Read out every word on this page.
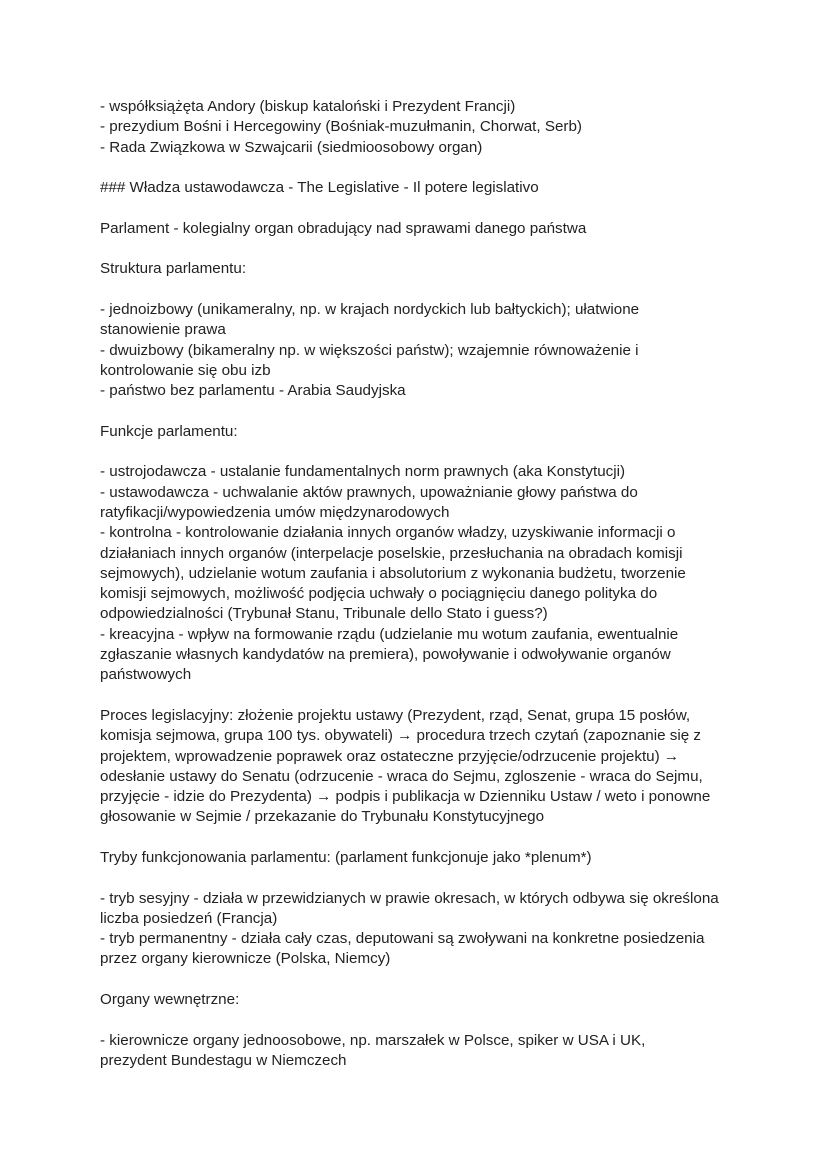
- współksiążęta Andory (biskup kataloński i Prezydent Francji)
- prezydium Bośni i Hercegowiny (Bośniak-muzułmanin, Chorwat, Serb)
- Rada Związkowa w Szwajcarii (siedmioosobowy organ)
### Władza ustawodawcza - The Legislative - Il potere legislativo
Parlament - kolegialny organ obradujący nad sprawami danego państwa
Struktura parlamentu:
- jednoizbowy (unikameralny, np. w krajach nordyckich lub bałtyckich); ułatwione
stanowienie prawa
- dwuizbowy (bikameralny np. w większości państw); wzajemnie równoważenie i
kontrolowanie się obu izb
- państwo bez parlamentu - Arabia Saudyjska
Funkcje parlamentu:
- ustrojodawcza - ustalanie fundamentalnych norm prawnych (aka Konstytucji)
- ustawodawcza - uchwalanie aktów prawnych, upoważnianie głowy państwa do
ratyfikacji/wypowiedzenia umów międzynarodowych
- kontrolna - kontrolowanie działania innych organów władzy, uzyskiwanie informacji o
działaniach innych organów (interpelacje poselskie, przesłuchania na obradach komisji
sejmowych), udzielanie wotum zaufania i absolutorium z wykonania budżetu, tworzenie
komisji sejmowych, możliwość podjęcia uchwały o pociągnięciu danego polityka do
odpowiedzialności (Trybunał Stanu, Tribunale dello Stato i guess?)
- kreacyjna - wpływ na formowanie rządu (udzielanie mu wotum zaufania, ewentualnie
zgłaszanie własnych kandydatów na premiera), powoływanie i odwoływanie organów
państwowych
Proces legislacyjny: złożenie projektu ustawy (Prezydent, rząd, Senat, grupa 15 posłów,
komisja sejmowa, grupa 100 tys. obywateli) → procedura trzech czytań (zapoznanie się z
projektem, wprowadzenie poprawek oraz ostateczne przyjęcie/odrzucenie projektu) →
odesłanie ustawy do Senatu (odrzucenie - wraca do Sejmu, zgloszenie - wraca do Sejmu,
przyjęcie - idzie do Prezydenta) → podpis i publikacja w Dzienniku Ustaw / weto i ponowne
głosowanie w Sejmie / przekazanie do Trybunału Konstytucyjnego
Tryby funkcjonowania parlamentu: (parlament funkcjonuje jako *plenum*)
- tryb sesyjny - działa w przewidzianych w prawie okresach, w których odbywa się określona
liczba posiedzeń (Francja)
- tryb permanentny - działa cały czas, deputowani są zwoływani na konkretne posiedzenia
przez organy kierownicze (Polska, Niemcy)
Organy wewnętrzne:
- kierownicze organy jednoosobowe, np. marszałek w Polsce, spiker w USA i UK,
prezydent Bundestagu w Niemczech
